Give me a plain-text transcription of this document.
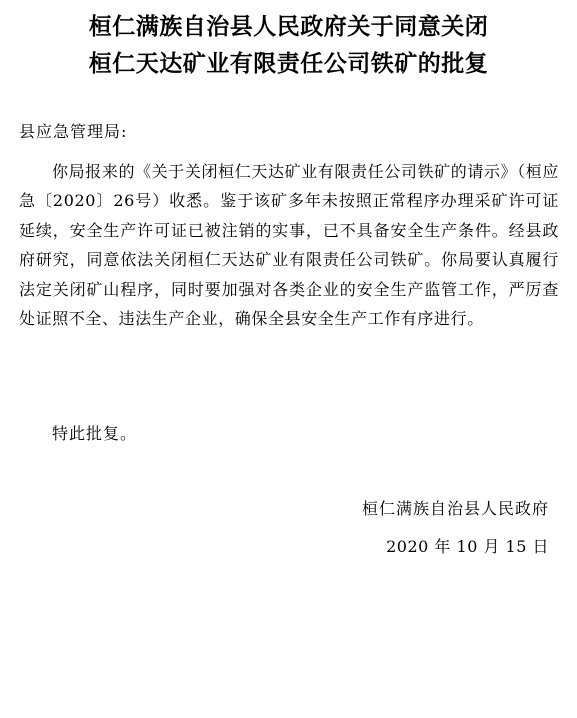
桓仁满族自治县人民政府关于同意关闭
桓仁天达矿业有限责任公司铁矿的批复

县应急管理局:

你局报来的《关于关闭桓仁天达矿业有限责任公司铁矿的请示》（桓应急〔2020〕26号）收悉。鉴于该矿多年未按照正常程序办理采矿许可证延续，安全生产许可证已被注销的实事，已不具备安全生产条件。经县政府研究，同意依法关闭桓仁天达矿业有限责任公司铁矿。你局要认真履行法定关闭矿山程序，同时要加强对各类企业的安全生产监管工作，严厉查处证照不全、违法生产企业，确保全县安全生产工作有序进行。

特此批复。

桓仁满族自治县人民政府

2020 年 10 月 15 日
